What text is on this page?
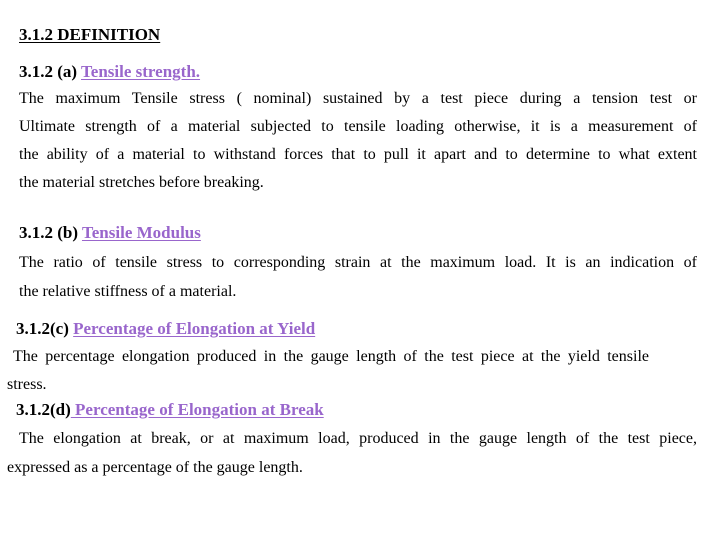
3.1.2 DEFINITION
3.1.2 (a) Tensile strength.
The maximum Tensile stress ( nominal) sustained by a test piece during a tension test or
Ultimate strength of a material subjected to tensile loading otherwise, it is a measurement of
the ability of a material to withstand forces that to pull it apart and to determine to what extent
the material stretches before breaking.
3.1.2 (b) Tensile Modulus
The ratio of tensile stress to corresponding strain at the maximum load. It is an indication of
the relative stiffness of a material.
3.1.2(c) Percentage of Elongation at Yield
The percentage elongation produced in the gauge length of the test piece at the yield tensile
stress.
3.1.2(d) Percentage of Elongation at Break
The elongation at break, or at maximum load, produced in the gauge length of the test piece,
expressed as a percentage of the gauge length.
